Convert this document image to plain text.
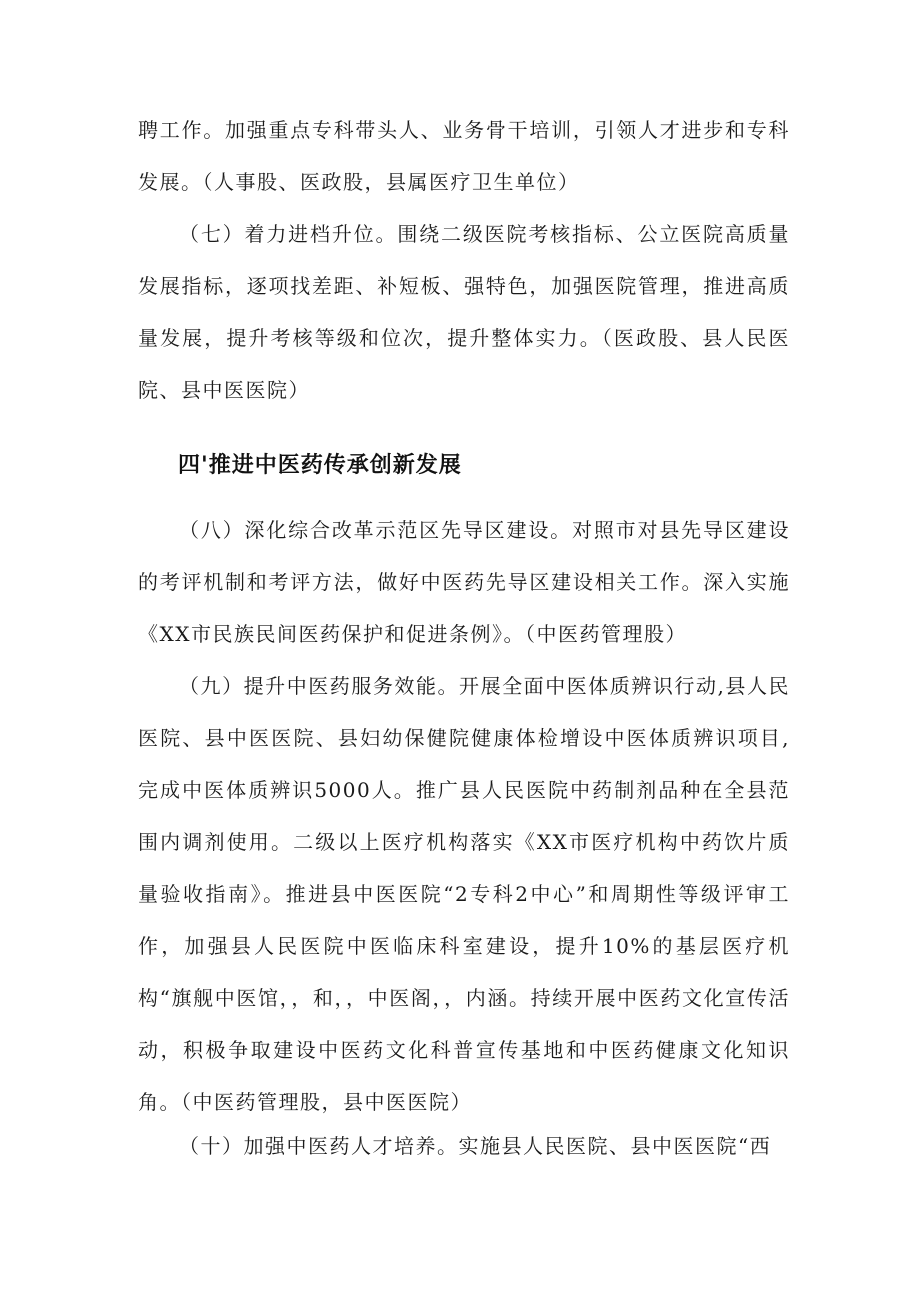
聘工作。加强重点专科带头人、业务骨干培训，引领人才进步和专科发展。（人事股、医政股，县属医疗卫生单位）

（七）着力进档升位。围绕二级医院考核指标、公立医院高质量发展指标，逐项找差距、补短板、强特色，加强医院管理，推进高质量发展，提升考核等级和位次，提升整体实力。（医政股、县人民医院、县中医医院）

四'推进中医药传承创新发展

（八）深化综合改革示范区先导区建设。对照市对县先导区建设的考评机制和考评方法，做好中医药先导区建设相关工作。深入实施《XX市民族民间医药保护和促进条例》。（中医药管理股）

（九）提升中医药服务效能。开展全面中医体质辨识行动,县人民医院、县中医医院、县妇幼保健院健康体检增设中医体质辨识项目,完成中医体质辨识5000人。推广县人民医院中药制剂品种在全县范围内调剂使用。二级以上医疗机构落实《XX市医疗机构中药饮片质量验收指南》。推进县中医医院“2专科2中心”和周期性等级评审工作，加强县人民医院中医临床科室建设，提升10%的基层医疗机构“旗舰中医馆，，和，，中医阁，，内涵。持续开展中医药文化宣传活动，积极争取建设中医药文化科普宣传基地和中医药健康文化知识角。（中医药管理股，县中医医院）

（十）加强中医药人才培养。实施县人民医院、县中医医院“西
